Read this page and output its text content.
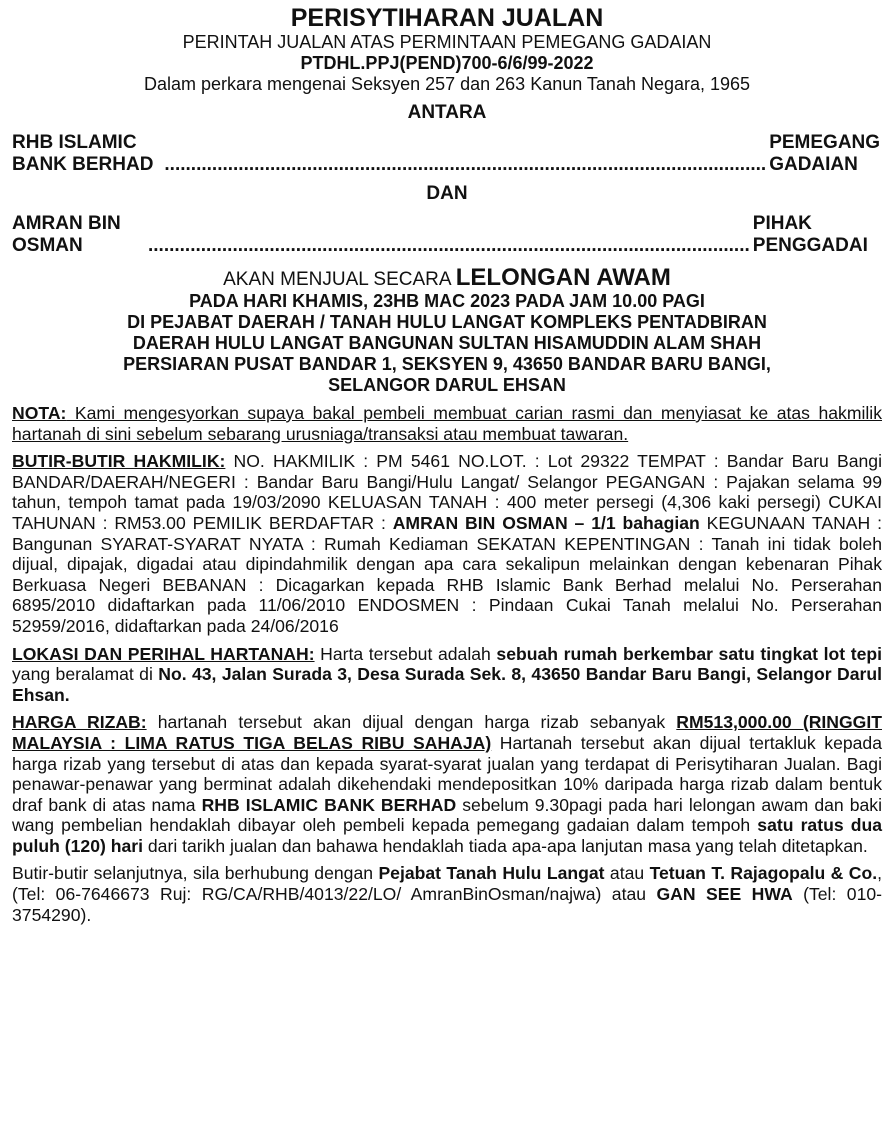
PERISYTIHARAN JUALAN
PERINTAH JUALAN ATAS PERMINTAAN PEMEGANG GADAIAN
PTDHL.PPJ(PEND)700-6/6/99-2022
Dalam perkara mengenai Seksyen 257 dan 263 Kanun Tanah Negara, 1965
ANTARA
RHB ISLAMIC BANK BERHAD ..................................................................................................................
PEMEGANG GADAIAN
DAN
AMRAN BIN OSMAN	..................................................................................................................
PIHAK PENGGADAI
AKAN MENJUAL SECARA LELONGAN AWAM
PADA HARI KHAMIS, 23HB MAC 2023 PADA JAM 10.00 PAGI
DI PEJABAT DAERAH / TANAH HULU LANGAT KOMPLEKS PENTADBIRAN
DAERAH HULU LANGAT BANGUNAN SULTAN HISAMUDDIN ALAM SHAH
PERSIARAN PUSAT BANDAR 1, SEKSYEN 9, 43650 BANDAR BARU BANGI,
SELANGOR DARUL EHSAN
NOTA: Kami mengesyorkan supaya bakal pembeli membuat carian rasmi dan menyiasat ke atas hakmilik hartanah di sini sebelum sebarang urusniaga/transaksi atau membuat tawaran.
BUTIR-BUTIR HAKMILIK: NO. HAKMILIK : PM 5461 NO.LOT. : Lot 29322 TEMPAT : Bandar Baru Bangi BANDAR/DAERAH/NEGERI : Bandar Baru Bangi/Hulu Langat/ Selangor PEGANGAN : Pajakan selama 99 tahun, tempoh tamat pada 19/03/2090 KELUASAN TANAH : 400 meter persegi (4,306 kaki persegi) CUKAI TAHUNAN : RM53.00 PEMILIK BERDAFTAR : AMRAN BIN OSMAN – 1/1 bahagian KEGUNAAN TANAH : Bangunan SYARAT-SYARAT NYATA : Rumah Kediaman SEKATAN KEPENTINGAN : Tanah ini tidak boleh dijual, dipajak, digadai atau dipindahmilik dengan apa cara sekalipun melainkan dengan kebenaran Pihak Berkuasa Negeri BEBANAN : Dicagarkan kepada RHB Islamic Bank Berhad melalui No. Perserahan 6895/2010 didaftarkan pada 11/06/2010 ENDOSMEN : Pindaan Cukai Tanah melalui No. Perserahan 52959/2016, didaftarkan pada 24/06/2016
LOKASI DAN PERIHAL HARTANAH: Harta tersebut adalah sebuah rumah berkembar satu tingkat lot tepi yang beralamat di No. 43, Jalan Surada 3, Desa Surada Sek. 8, 43650 Bandar Baru Bangi, Selangor Darul Ehsan.
HARGA RIZAB: hartanah tersebut akan dijual dengan harga rizab sebanyak RM513,000.00 (RINGGIT MALAYSIA : LIMA RATUS TIGA BELAS RIBU SAHAJA) Hartanah tersebut akan dijual tertakluk kepada harga rizab yang tersebut di atas dan kepada syarat-syarat jualan yang terdapat di Perisytiharan Jualan. Bagi penawar-penawar yang berminat adalah dikehendaki mendepositkan 10% daripada harga rizab dalam bentuk draf bank di atas nama RHB ISLAMIC BANK BERHAD sebelum 9.30pagi pada hari lelongan awam dan baki wang pembelian hendaklah dibayar oleh pembeli kepada pemegang gadaian dalam tempoh satu ratus dua puluh (120) hari dari tarikh jualan dan bahawa hendaklah tiada apa-apa lanjutan masa yang telah ditetapkan.
Butir-butir selanjutnya, sila berhubung dengan Pejabat Tanah Hulu Langat atau Tetuan T. Rajagopalu & Co., (Tel: 06-7646673 Ruj: RG/CA/RHB/4013/22/LO/ AmranBinOsman/najwa) atau GAN SEE HWA (Tel: 010-3754290).
